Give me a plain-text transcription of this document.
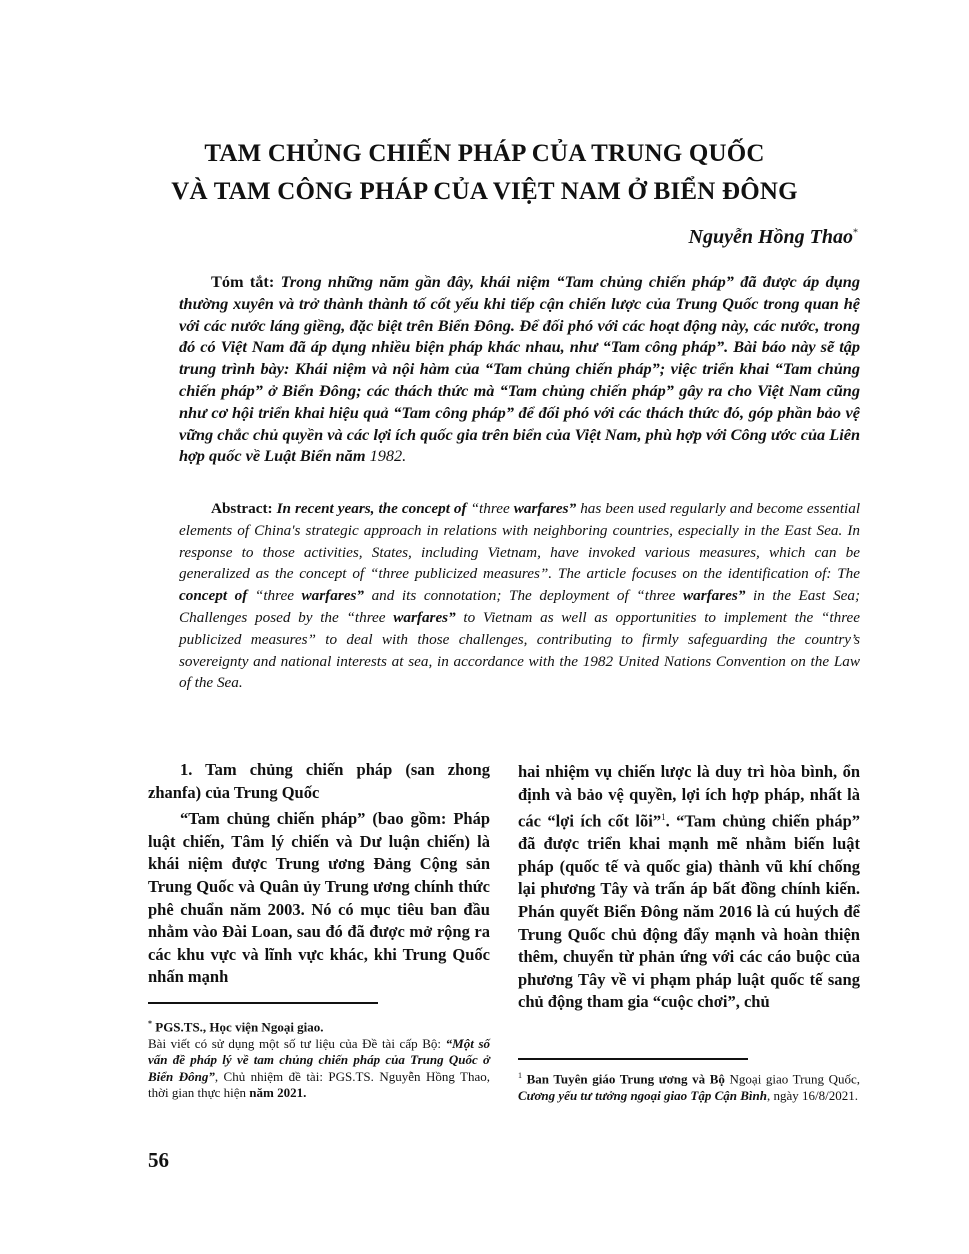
TAM CHỦNG CHIẾN PHÁP CỦA TRUNG QUỐC
VÀ TAM CÔNG PHÁP CỦA VIỆT NAM Ở BIỂN ĐÔNG
Nguyễn Hồng Thao*
Tóm tắt: Trong những năm gần đây, khái niệm “Tam chủng chiến pháp” đã được áp dụng thường xuyên và trở thành thành tố cốt yếu khi tiếp cận chiến lược của Trung Quốc trong quan hệ với các nước láng giềng, đặc biệt trên Biển Đông. Để đối phó với các hoạt động này, các nước, trong đó có Việt Nam đã áp dụng nhiều biện pháp khác nhau, như “Tam công pháp”. Bài báo này sẽ tập trung trình bày: Khái niệm và nội hàm của “Tam chủng chiến pháp”; việc triển khai “Tam chủng chiến pháp” ở Biển Đông; các thách thức mà “Tam chủng chiến pháp” gây ra cho Việt Nam cũng như cơ hội triển khai hiệu quả “Tam công pháp” để đối phó với các thách thức đó, góp phần bảo vệ vững chắc chủ quyền và các lợi ích quốc gia trên biển của Việt Nam, phù hợp với Công ước của Liên hợp quốc về Luật Biển năm 1982.
Abstract: In recent years, the concept of “three warfares” has been used regularly and become essential elements of China's strategic approach in relations with neighboring countries, especially in the East Sea. In response to those activities, States, including Vietnam, have invoked various measures, which can be generalized as the concept of “three publicized measures”. The article focuses on the identification of: The concept of “three warfares” and its connotation; The deployment of “three warfares” in the East Sea; Challenges posed by the “three warfares” to Vietnam as well as opportunities to implement the “three publicized measures” to deal with those challenges, contributing to firmly safeguarding the country’s sovereignty and national interests at sea, in accordance with the 1982 United Nations Convention on the Law of the Sea.

1. Tam chủng chiến pháp (san zhong zhanfa) của Trung Quốc

“Tam chủng chiến pháp” (bao gồm: Pháp luật chiến, Tâm lý chiến và Dư luận chiến) là khái niệm được Trung ương Đảng Cộng sản Trung Quốc và Quân ủy Trung ương chính thức phê chuẩn năm 2003. Nó có mục tiêu ban đầu nhằm vào Đài Loan, sau đó đã được mở rộng ra các khu vực và lĩnh vực khác, khi Trung Quốc nhấn mạnh

hai nhiệm vụ chiến lược là duy trì hòa bình, ổn định và bảo vệ quyền, lợi ích hợp pháp, nhất là các “lợi ích cốt lõi”$^1$. “Tam chủng chiến pháp” đã được triển khai mạnh mẽ nhằm biến luật pháp (quốc tế và quốc gia) thành vũ khí chống lại phương Tây và trấn áp bất đồng chính kiến. Phán quyết Biển Đông năm 2016 là cú huých để Trung Quốc chủ động đẩy mạnh và hoàn thiện thêm, chuyển từ phản ứng với các cáo buộc của phương Tây về vi phạm pháp luật quốc tế sang chủ động tham gia “cuộc chơi”, chủ

* PGS.TS., Học viện Ngoại giao.
Bài viết có sử dụng một số tư liệu của Đề tài cấp Bộ: “Một số vấn đề pháp lý về tam chủng chiến pháp của Trung Quốc ở Biển Đông”, Chủ nhiệm đề tài: PGS.TS. Nguyễn Hồng Thao, thời gian thực hiện năm 2021.
$^1$ Ban Tuyên giáo Trung ương và Bộ Ngoại giao Trung Quốc, Cương yếu tư tưởng ngoại giao Tập Cận Bình, ngày 16/8/2021.
56
